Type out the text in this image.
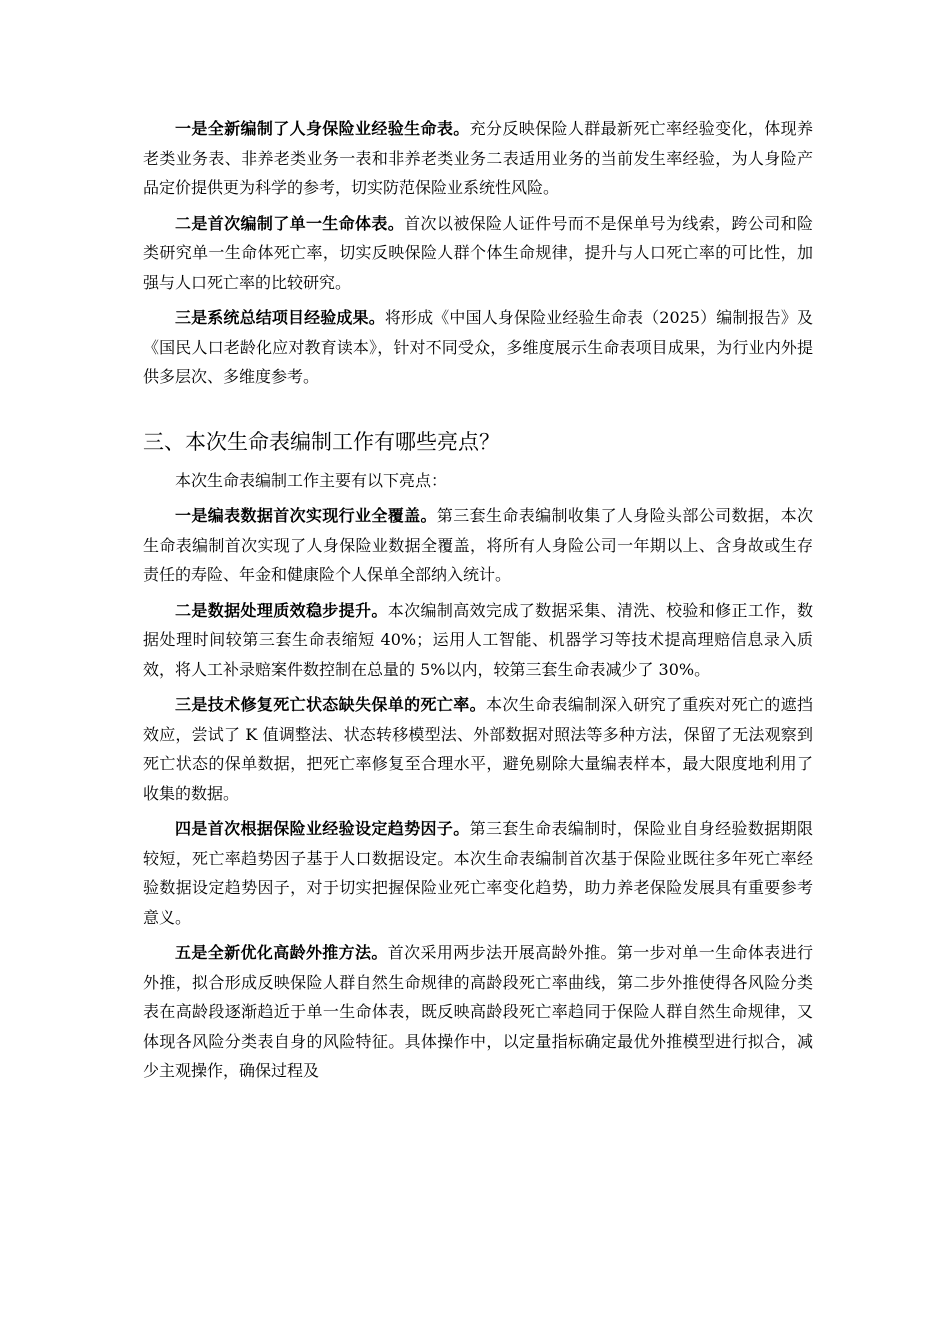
一是全新编制了人身保险业经验生命表。充分反映保险人群最新死亡率经验变化，体现养老类业务表、非养老类业务一表和非养老类业务二表适用业务的当前发生率经验，为人身险产品定价提供更为科学的参考，切实防范保险业系统性风险。

二是首次编制了单一生命体表。首次以被保险人证件号而不是保单号为线索，跨公司和险类研究单一生命体死亡率，切实反映保险人群个体生命规律，提升与人口死亡率的可比性，加强与人口死亡率的比较研究。

三是系统总结项目经验成果。将形成《中国人身保险业经验生命表（2025）编制报告》及《国民人口老龄化应对教育读本》，针对不同受众，多维度展示生命表项目成果，为行业内外提供多层次、多维度参考。

三、本次生命表编制工作有哪些亮点？

本次生命表编制工作主要有以下亮点：

一是编表数据首次实现行业全覆盖。第三套生命表编制收集了人身险头部公司数据，本次生命表编制首次实现了人身保险业数据全覆盖，将所有人身险公司一年期以上、含身故或生存责任的寿险、年金和健康险个人保单全部纳入统计。

二是数据处理质效稳步提升。本次编制高效完成了数据采集、清洗、校验和修正工作，数据处理时间较第三套生命表缩短 40%；运用人工智能、机器学习等技术提高理赔信息录入质效，将人工补录赔案件数控制在总量的 5%以内，较第三套生命表减少了 30%。

三是技术修复死亡状态缺失保单的死亡率。本次生命表编制深入研究了重疾对死亡的遮挡效应，尝试了 K 值调整法、状态转移模型法、外部数据对照法等多种方法，保留了无法观察到死亡状态的保单数据，把死亡率修复至合理水平，避免剔除大量编表样本，最大限度地利用了收集的数据。

四是首次根据保险业经验设定趋势因子。第三套生命表编制时，保险业自身经验数据期限较短，死亡率趋势因子基于人口数据设定。本次生命表编制首次基于保险业既往多年死亡率经验数据设定趋势因子，对于切实把握保险业死亡率变化趋势，助力养老保险发展具有重要参考意义。

五是全新优化高龄外推方法。首次采用两步法开展高龄外推。第一步对单一生命体表进行外推，拟合形成反映保险人群自然生命规律的高龄段死亡率曲线，第二步外推使得各风险分类表在高龄段逐渐趋近于单一生命体表，既反映高龄段死亡率趋同于保险人群自然生命规律，又体现各风险分类表自身的风险特征。具体操作中，以定量指标确定最优外推模型进行拟合，减少主观操作，确保过程及
